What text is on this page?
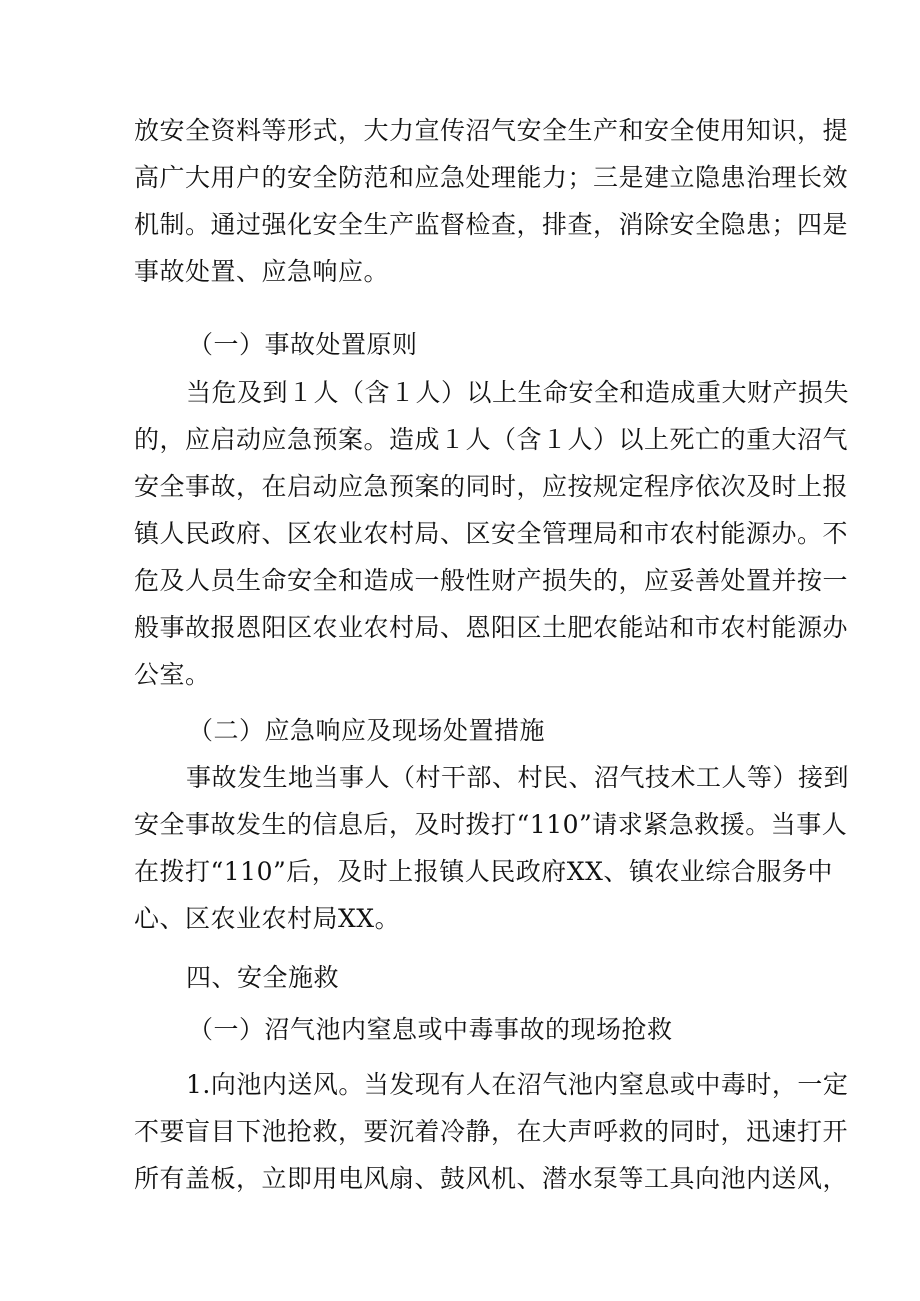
放安全资料等形式，大力宣传沼气安全生产和安全使用知识，提
高广大用户的安全防范和应急处理能力；三是建立隐患治理长效
机制。通过强化安全生产监督检查，排查，消除安全隐患；四是
事故处置、应急响应。
（一）事故处置原则
当危及到１人（含１人）以上生命安全和造成重大财产损失
的，应启动应急预案。造成１人（含１人）以上死亡的重大沼气
安全事故，在启动应急预案的同时，应按规定程序依次及时上报
镇人民政府、区农业农村局、区安全管理局和市农村能源办。不
危及人员生命安全和造成一般性财产损失的，应妥善处置并按一
般事故报恩阳区农业农村局、恩阳区土肥农能站和市农村能源办
公室。
（二）应急响应及现场处置措施
事故发生地当事人（村干部、村民、沼气技术工人等）接到
安全事故发生的信息后，及时拨打“110”请求紧急救援。当事人
在拨打“110”后，及时上报镇人民政府XX、镇农业综合服务中
心、区农业农村局XX。
四、安全施救
（一）沼气池内窒息或中毒事故的现场抢救
1.向池内送风。当发现有人在沼气池内窒息或中毒时，一定
不要盲目下池抢救，要沉着冷静，在大声呼救的同时，迅速打开
所有盖板，立即用电风扇、鼓风机、潜水泵等工具向池内送风，
